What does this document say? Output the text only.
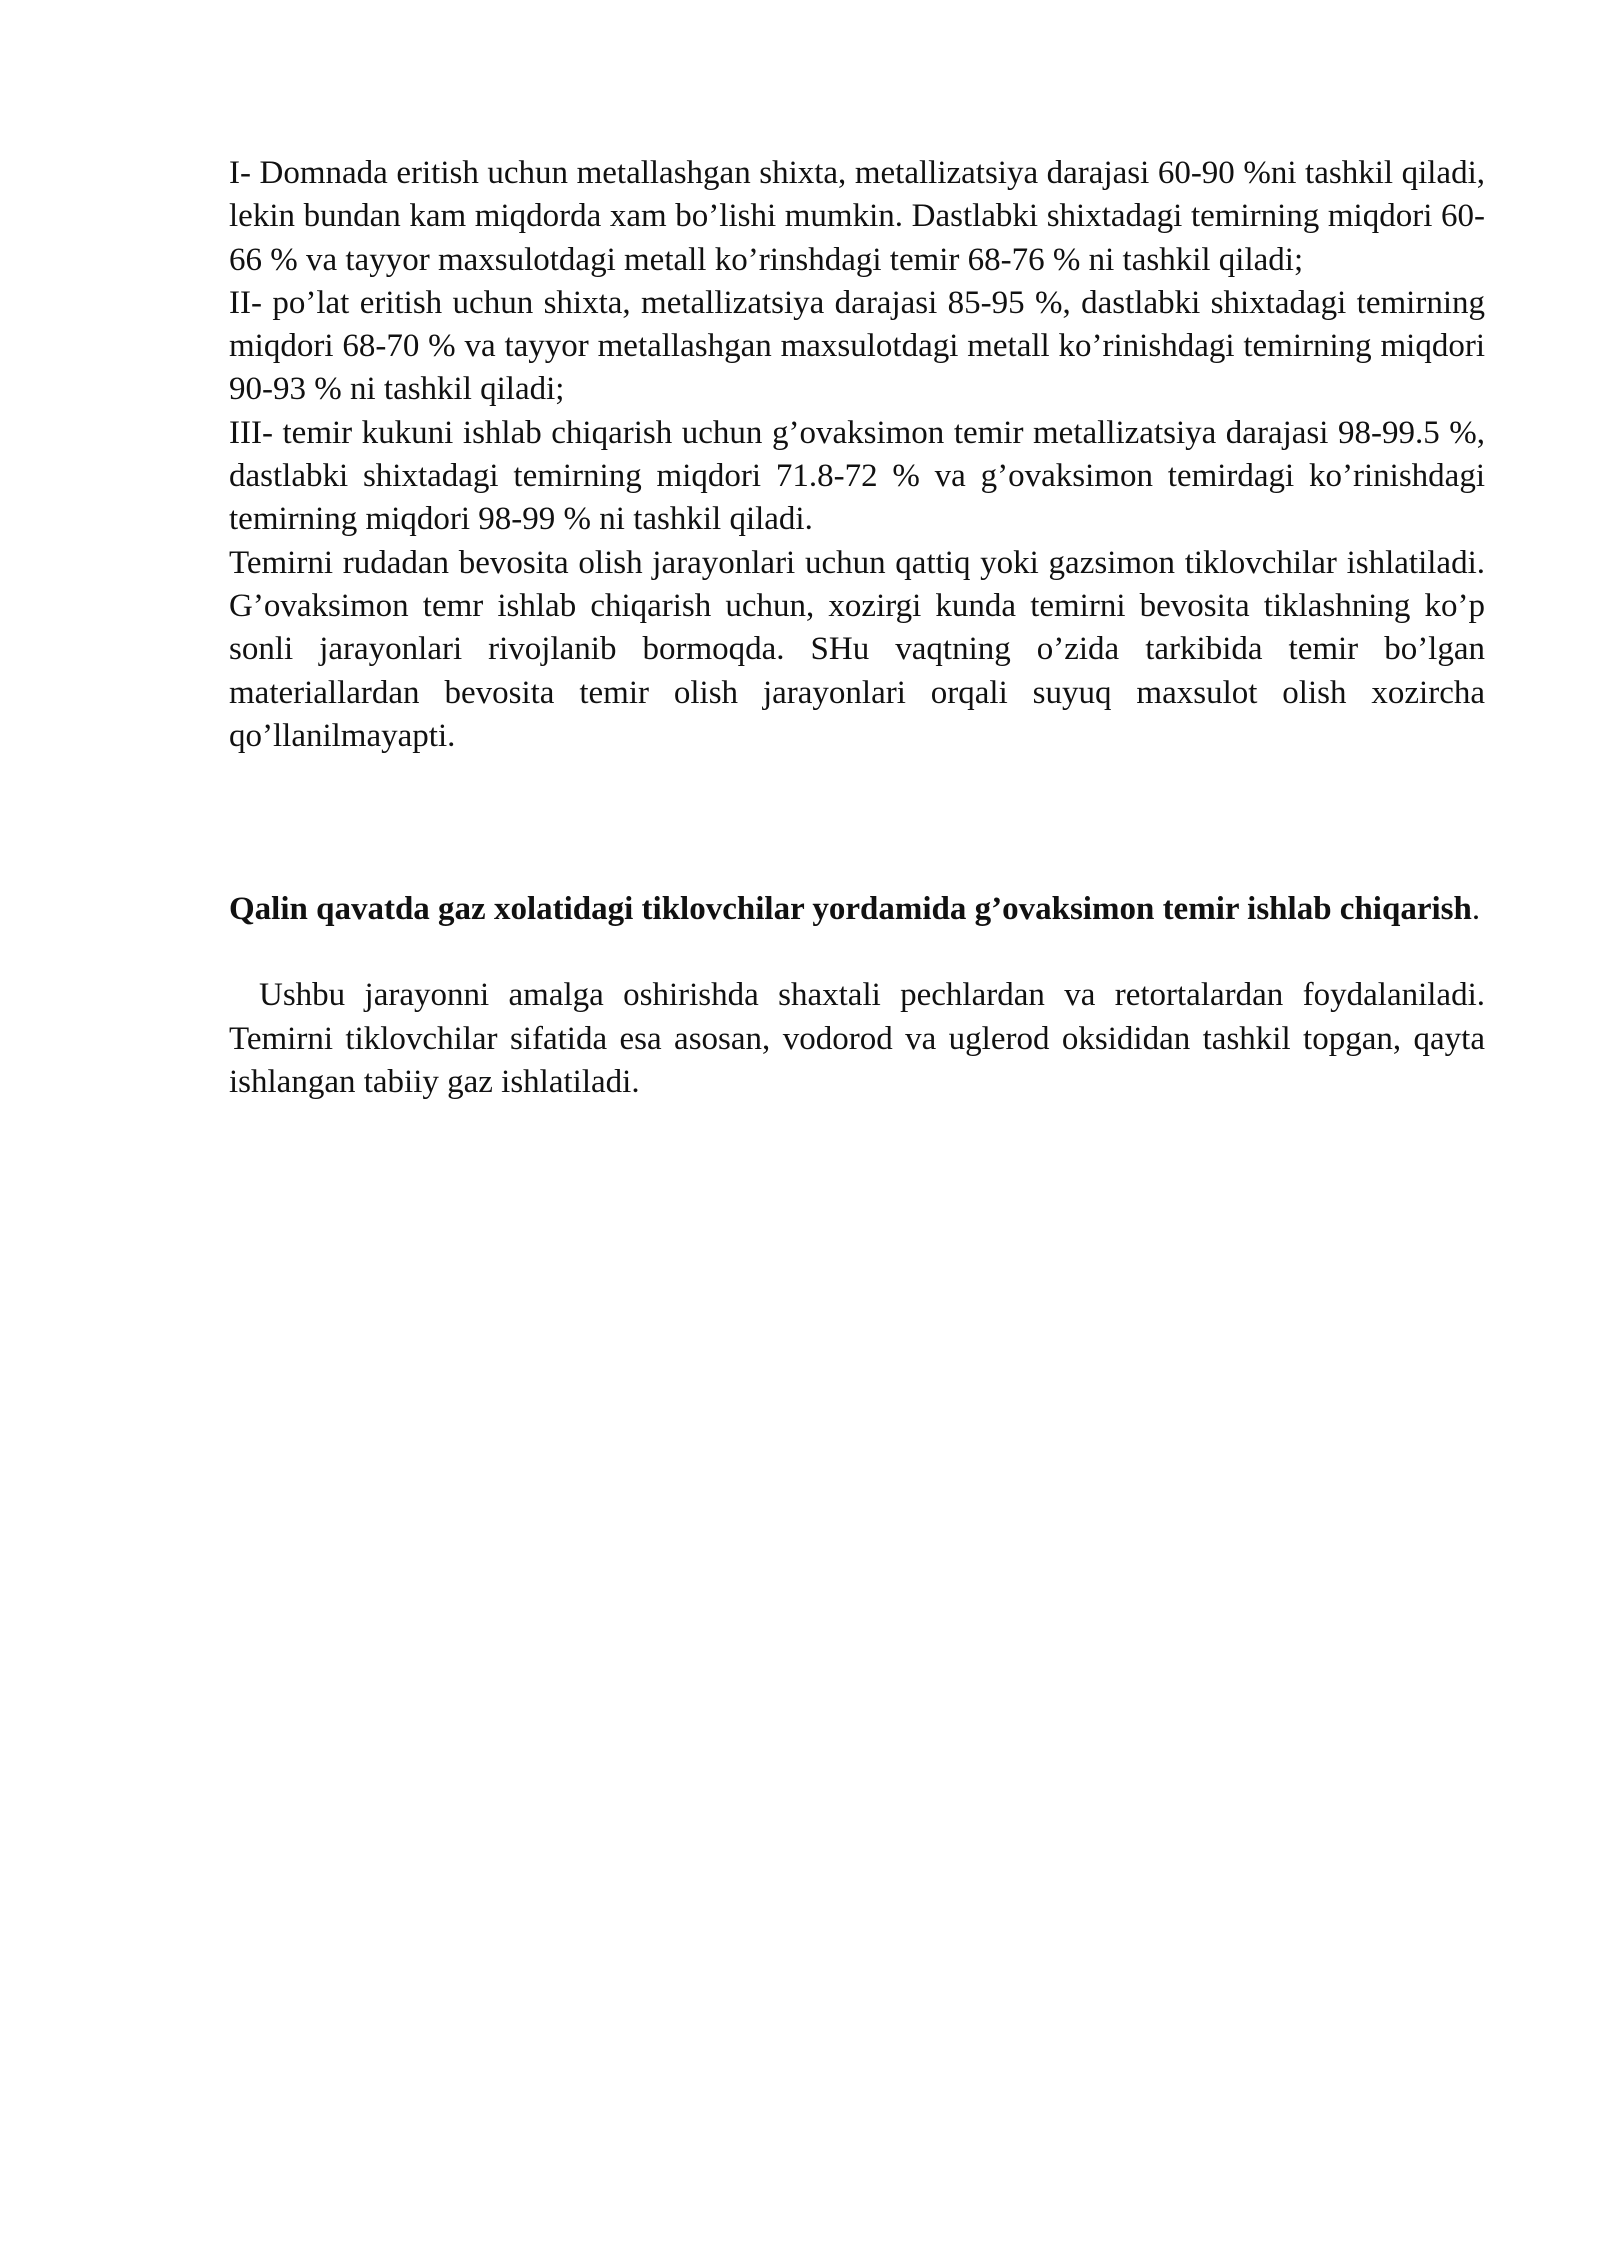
I- Domnada eritish uchun metallashgan shixta, metallizatsiya darajasi 60-90 %ni tashkil qiladi, lekin bundan kam miqdorda xam bo’lishi mumkin. Dastlabki shixtadagi temirning miqdori 60-66 % va tayyor maxsulotdagi metall ko’rinshdagi temir 68-76 % ni tashkil qiladi;

II- po’lat eritish uchun shixta, metallizatsiya darajasi 85-95 %, dastlabki shixtadagi temirning miqdori 68-70 % va tayyor metallashgan maxsulotdagi metall ko’rinishdagi temirning miqdori 90-93 % ni tashkil qiladi;

III- temir kukuni ishlab chiqarish uchun g’ovaksimon temir metallizatsiya darajasi 98-99.5 %, dastlabki shixtadagi temirning miqdori 71.8-72 % va g’ovaksimon temirdagi ko’rinishdagi temirning miqdori 98-99 % ni tashkil qiladi.

Temirni rudadan bevosita olish jarayonlari uchun qattiq yoki gazsimon tiklovchilar ishlatiladi. G’ovaksimon temr ishlab chiqarish uchun, xozirgi kunda temirni bevosita tiklashning ko’p sonli jarayonlari rivojlanib bormoqda. SHu vaqtning o’zida tarkibida temir bo’lgan materiallardan bevosita temir olish jarayonlari orqali suyuq maxsulot olish xozircha qo’llanilmayapti.

Qalin qavatda gaz xolatidagi tiklovchilar yordamida g’ovaksimon temir ishlab chiqarish.

Ushbu jarayonni amalga oshirishda shaxtali pechlardan va retortalardan foydalaniladi. Temirni tiklovchilar sifatida esa asosan, vodorod va uglerod oksididan tashkil topgan, qayta ishlangan tabiiy gaz ishlatiladi.
